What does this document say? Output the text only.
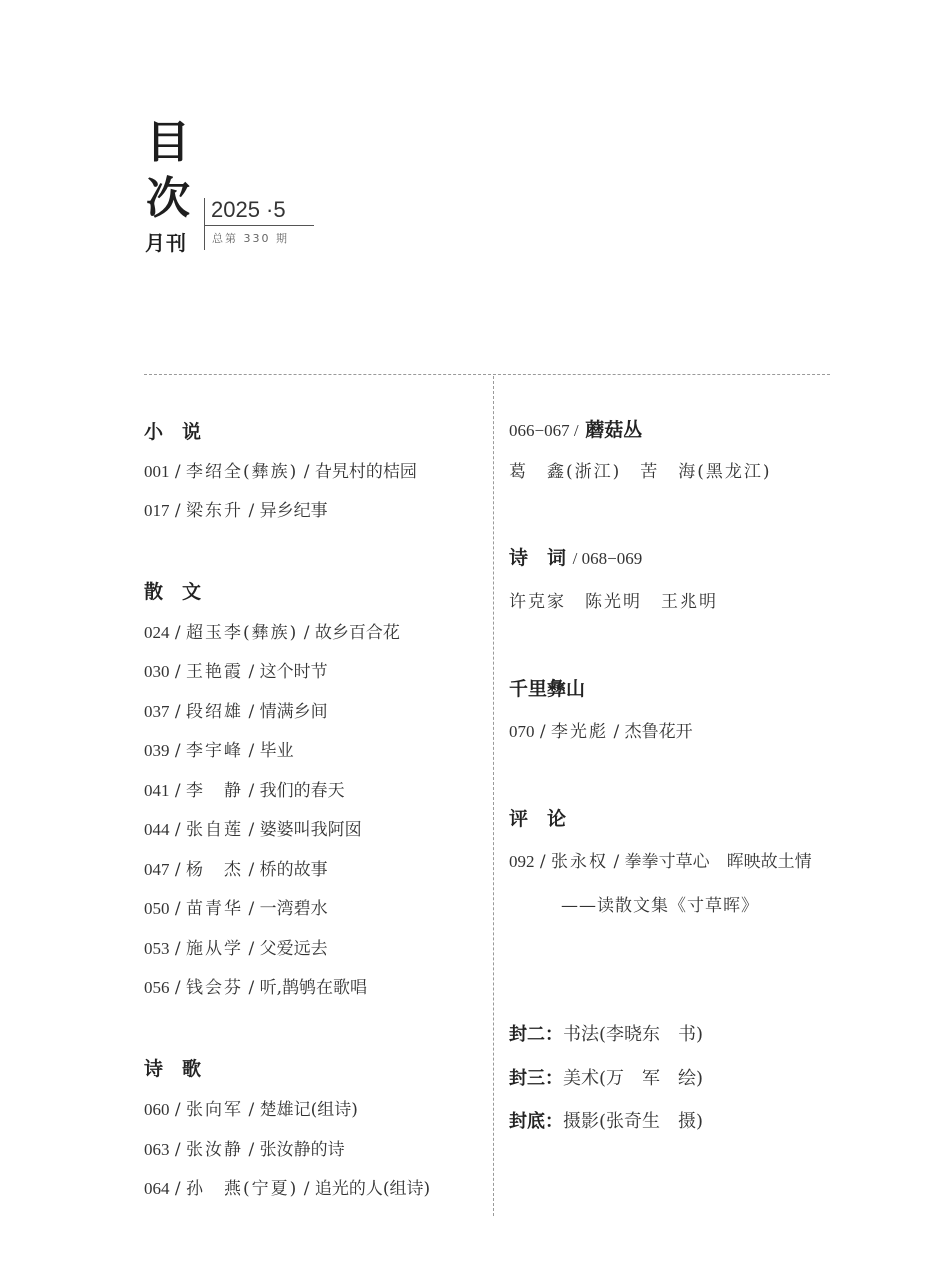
目
次
月刊
2025 ·5
总第 330 期
小　说
001 / 李绍全(彝族) / 旮旯村的桔园
017 / 梁东升 / 异乡纪事
散　文
024 / 超玉李(彝族) / 故乡百合花
030 / 王艳霞 / 这个时节
037 / 段绍雄 / 情满乡间
039 / 李宇峰 / 毕业
041 / 李　静 / 我们的春天
044 / 张自莲 / 婆婆叫我阿囡
047 / 杨　杰 / 桥的故事
050 / 苗青华 / 一湾碧水
053 / 施从学 / 父爱远去
056 / 钱会芬 / 听,鹊鸲在歌唱
诗　歌
060 / 张向军 / 楚雄记(组诗)
063 / 张汝静 / 张汝静的诗
064 / 孙　燕(宁夏) / 追光的人(组诗)
066−067 / 蘑菇丛
葛　鑫(浙江)　苦　海(黑龙江)
诗　词 / 068−069
许克家　陈光明　王兆明
千里彝山
070 / 李光彪 / 杰鲁花开
评　论
092 / 张永权 / 拳拳寸草心　晖映故土情
——读散文集《寸草晖》
封二：书法(李晓东　书)
封三：美术(万　军　绘)
封底：摄影(张奇生　摄)
